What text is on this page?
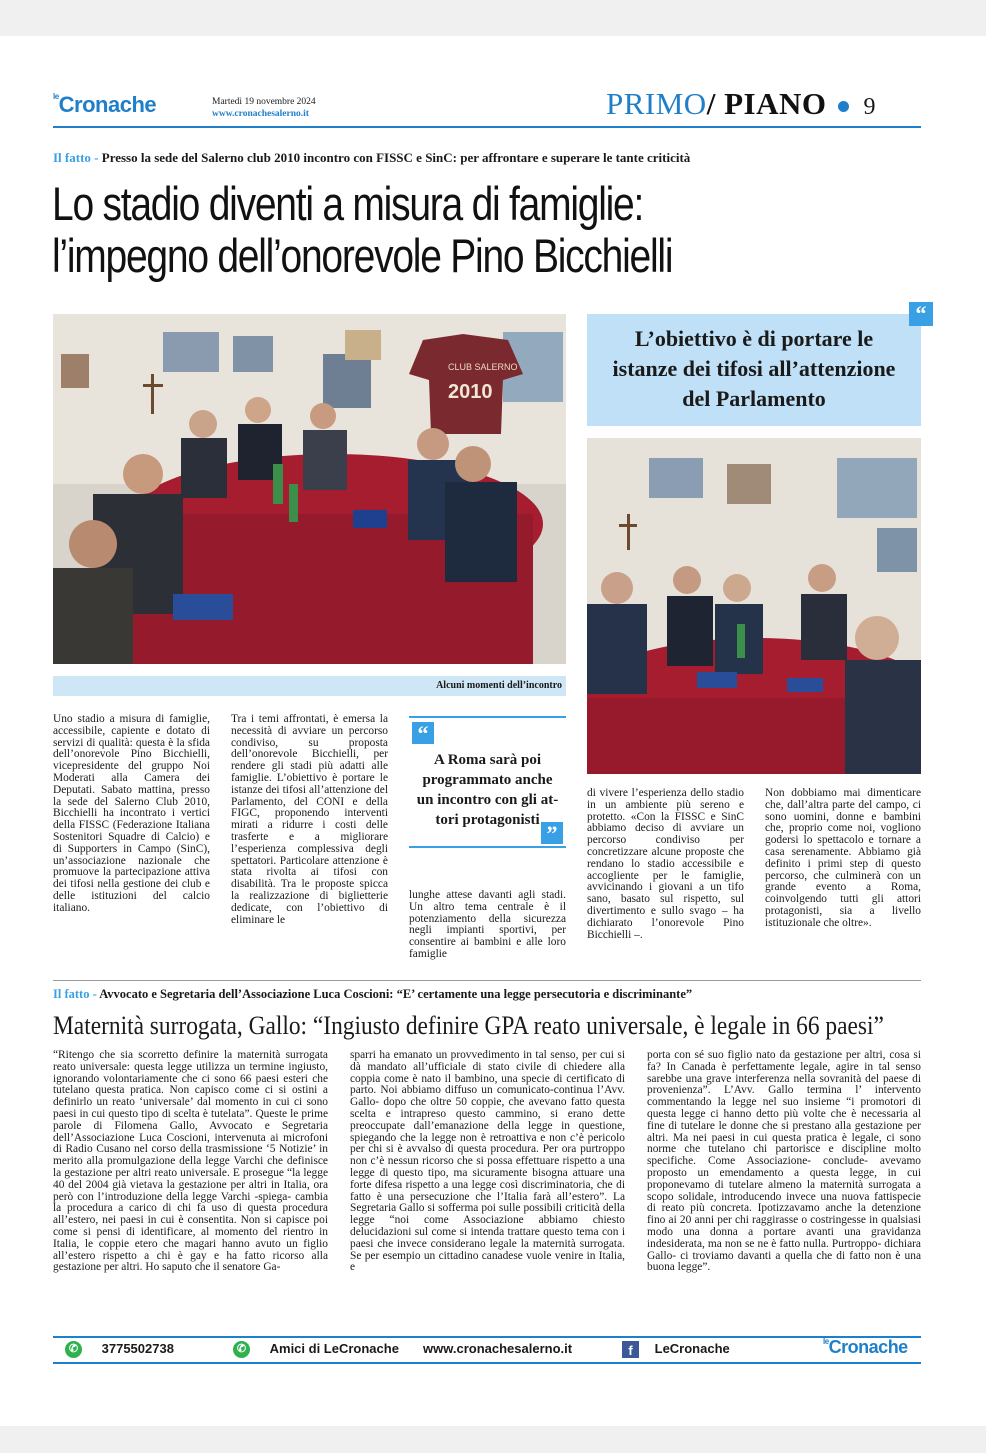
$^{le}$Cronache	Martedì 19 novembre 2024
www.cronachesalerno.it	PRIMO/ PIANO 9
Il fatto - Presso la sede del Salerno club 2010 incontro con FISSC e SinC: per affrontare e superare le tante criticità
Lo stadio diventi a misura di famiglie:
l’impegno dell’onorevole Pino Bicchielli
CLUB SALERNO
2010
Alcuni momenti dell’incontro
L’obiettivo è di portare le
istanze dei tifosi all’attenzione
del Parlamento
“
Uno stadio a misura di famiglie, accessibile, capiente e dotato di servizi di qualità: questa è la sfida dell’onorevole Pino Bicchielli, vicepresidente del gruppo Noi Moderati alla Camera dei Deputati. Sabato mattina, presso la sede del Salerno Club 2010, Bicchielli ha incontrato i vertici della FISSC (Federazione Italiana Sostenitori Squadre di Calcio) e di Supporters in Campo (SinC), un’associazione nazionale che promuove la partecipazione attiva dei tifosi nella gestione dei club e delle istituzioni del calcio italiano.
Tra i temi affrontati, è emersa la necessità di avviare un percorso condiviso, su proposta dell’onorevole Bicchielli, per rendere gli stadi più adatti alle famiglie. L’obiettivo è portare le istanze dei tifosi all’attenzione del Parlamento, del CONI e della FIGC, proponendo interventi mirati a ridurre i costi delle trasferte e a migliorare l’esperienza complessiva degli spettatori. Particolare attenzione è stata rivolta ai tifosi con disabilità. Tra le proposte spicca la realizzazione di biglietterie dedicate, con l’obiettivo di eliminare le
“
A Roma sarà poi
programmato anche
un incontro con gli at-
tori protagonisti
”
lunghe attese davanti agli stadi. Un altro tema centrale è il potenziamento della sicurezza negli impianti sportivi, per consentire ai bambini e alle loro famiglie
di vivere l’esperienza dello stadio in un ambiente più sereno e protetto. «Con la FISSC e SinC abbiamo deciso di avviare un percorso condiviso per concretizzare alcune proposte che rendano lo stadio accessibile e accogliente per le famiglie, avvicinando i giovani a un tifo sano, basato sul rispetto, sul divertimento e sullo svago – ha dichiarato l’onorevole Pino Bicchielli –.
Non dobbiamo mai dimenticare che, dall’altra parte del campo, ci sono uomini, donne e bambini che, proprio come noi, vogliono godersi lo spettacolo e tornare a casa serenamente. Abbiamo già definito i primi step di questo percorso, che culminerà con un grande evento a Roma, coinvolgendo tutti gli attori protagonisti, sia a livello istituzionale che oltre».
Il fatto - Avvocato e Segretaria dell’Associazione Luca Coscioni: “E’ certamente una legge persecutoria e discriminante”
Maternità surrogata, Gallo: “Ingiusto definire GPA reato universale, è legale in 66 paesi”
“Ritengo che sia scorretto definire la maternità surrogata reato universale: questa legge utilizza un termine ingiusto, ignorando volontariamente che ci sono 66 paesi esteri che tutelano questa pratica. Non capisco come ci si ostini a definirlo un reato ‘universale’ dal momento in cui ci sono paesi in cui questo tipo di scelta è tutelata”. Queste le prime parole di Filomena Gallo, Avvocato e Segretaria dell’Associazione Luca Coscioni, intervenuta ai microfoni di Radio Cusano nel corso della trasmissione ‘5 Notizie’ in merito alla promulgazione della legge Varchi che definisce la gestazione per altri reato universale. E prosegue “la legge 40 del 2004 già vietava la gestazione per altri in Italia, ora però con l’introduzione della legge Varchi -spiega- cambia la procedura a carico di chi fa uso di questa procedura all’estero, nei paesi in cui è consentita. Non si capisce poi come si pensi di identificare, al momento del rientro in Italia, le coppie etero che magari hanno avuto un figlio all’estero rispetto a chi è gay e ha fatto ricorso alla gestazione per altri. Ho saputo che il senatore Ga-
sparri ha emanato un provvedimento in tal senso, per cui si dà mandato all’ufficiale di stato civile di chiedere alla coppia come è nato il bambino, una specie di certificato di parto. Noi abbiamo diffuso un comunicato-continua l’Avv. Gallo- dopo che oltre 50 coppie, che avevano fatto questa scelta e intrapreso questo cammino, si erano dette preoccupate dall’emanazione della legge in questione, spiegando che la legge non è retroattiva e non c’è pericolo per chi si è avvalso di questa procedura. Per ora purtroppo non c’è nessun ricorso che si possa effettuare rispetto a una legge di questo tipo, ma sicuramente bisogna attuare una forte difesa rispetto a una legge così discriminatoria, che di fatto è una persecuzione che l’Italia farà all’estero”. La Segretaria Gallo si sofferma poi sulle possibili criticità della legge “noi come Associazione abbiamo chiesto delucidazioni sul come si intenda trattare questo tema con i paesi che invece considerano legale la maternità surrogata. Se per esempio un cittadino canadese vuole venire in Italia, e
porta con sé suo figlio nato da gestazione per altri, cosa si fa? In Canada è perfettamente legale, agire in tal senso sarebbe una grave interferenza nella sovranità del paese di provenienza”. L’Avv. Gallo termina l’ intervento commentando la legge nel suo insieme “i promotori di questa legge ci hanno detto più volte che è necessaria al fine di tutelare le donne che si prestano alla gestazione per altri. Ma nei paesi in cui questa pratica è legale, ci sono norme che tutelano chi partorisce e discipline molto specifiche. Come Associazione- conclude- avevamo proposto un emendamento a questa legge, in cui proponevamo di tutelare almeno la maternità surrogata a scopo solidale, introducendo invece una nuova fattispecie di reato più concreta. Ipotizzavamo anche la detenzione fino ai 20 anni per chi raggirasse o costringesse in qualsiasi modo una donna a portare avanti una gravidanza indesiderata, ma non se ne è fatto nulla. Purtroppo- dichiara Gallo- ci troviamo davanti a quella che di fatto non è una buona legge”.
✆ 3775502738	✆ Amici di LeCronache www.cronachesalerno.it	f LeCronache	$^{le}$Cronache
